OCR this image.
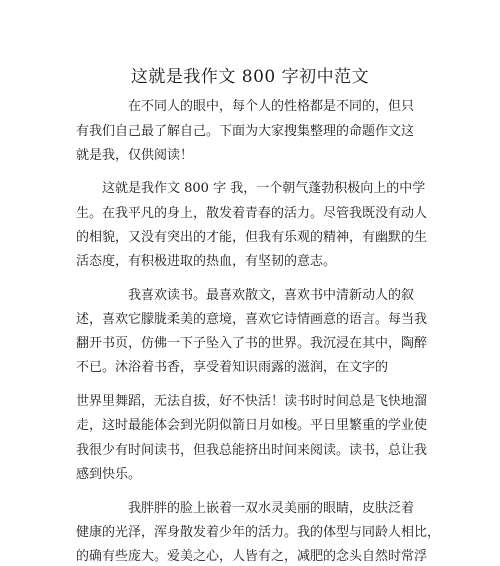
这就是我作文 800 字初中范文
在不同人的眼中，每个人的性格都是不同的，但只
有我们自己最了解自己。下面为大家搜集整理的命题作文这
就是我，仅供阅读！
这就是我作文 800 字 我，一个朝气蓬勃积极向上的中学
生。在我平凡的身上，散发着青春的活力。尽管我既没有动人
的相貌，又没有突出的才能，但我有乐观的精神，有幽默的生
活态度，有积极进取的热血，有坚韧的意志。
我喜欢读书。最喜欢散文，喜欢书中清新动人的叙
述，喜欢它朦胧柔美的意境，喜欢它诗情画意的语言。每当我
翻开书页，仿佛一下子坠入了书的世界。我沉浸在其中，陶醉
不已。沐浴着书香，享受着知识雨露的滋润，在文字的
世界里舞蹈，无法自拔，好不快活！读书时时间总是飞快地溜
走，这时最能体会到光阴似箭日月如梭。平日里繁重的学业使
我很少有时间读书，但我总能挤出时间来阅读。读书，总让我
感到快乐。
我胖胖的脸上嵌着一双水灵美丽的眼睛，皮肤泛着
健康的光泽，浑身散发着少年的活力。我的体型与同龄人相比，
的确有些庞大。爱美之心，人皆有之，减肥的念头自然时常浮
